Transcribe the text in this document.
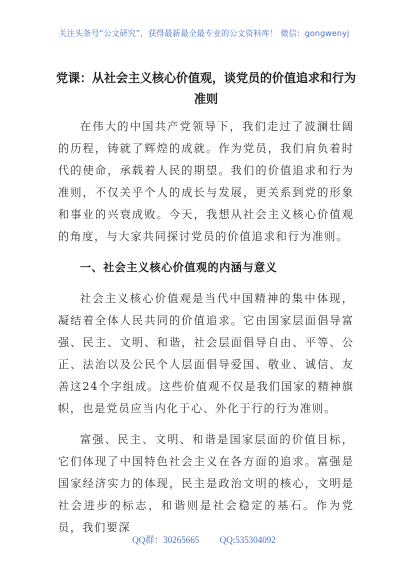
关注头条号“公文研究”，获得最新最全最专业的公文资料库！ 微信：gongwenyj
党课：从社会主义核心价值观，谈党员的价值追求和行为准则

在伟大的中国共产党领导下，我们走过了波澜壮阔的历程，铸就了辉煌的成就。作为党员，我们肩负着时代的使命，承载着人民的期望。我们的价值追求和行为准则，不仅关乎个人的成长与发展，更关系到党的形象和事业的兴衰成败。今天，我想从社会主义核心价值观的角度，与大家共同探讨党员的价值追求和行为准则。

一、社会主义核心价值观的内涵与意义

社会主义核心价值观是当代中国精神的集中体现，凝结着全体人民共同的价值追求。它由国家层面倡导富强、民主、文明、和谐，社会层面倡导自由、平等、公正、法治以及公民个人层面倡导爱国、敬业、诚信、友善这24个字组成。这些价值观不仅是我们国家的精神旗帜，也是党员应当内化于心、外化于行的行为准则。

富强、民主、文明、和谐是国家层面的价值目标，它们体现了中国特色社会主义在各方面的追求。富强是国家经济实力的体现，民主是政治文明的核心，文明是社会进步的标志，和谐则是社会稳定的基石。作为党员，我们要深

QQ群：30265665 QQ:535304092
